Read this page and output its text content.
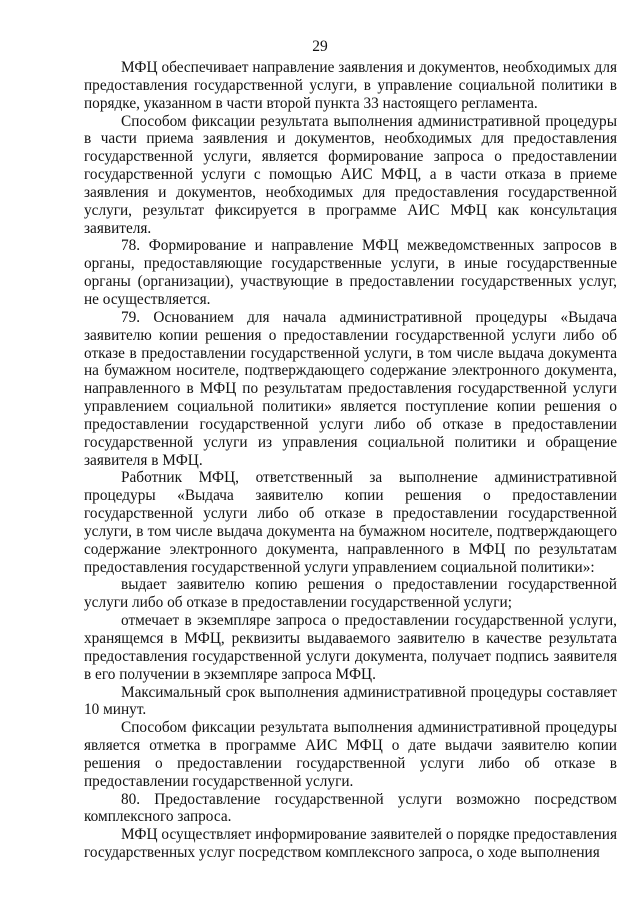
29

МФЦ обеспечивает направление заявления и документов, необходимых для предоставления государственной услуги, в управление социальной политики в порядке, указанном в части второй пункта 33 настоящего регламента.

Способом фиксации результата выполнения административной процедуры в части приема заявления и документов, необходимых для предоставления государственной услуги, является формирование запроса о предоставлении государственной услуги с помощью АИС МФЦ, а в части отказа в приеме заявления и документов, необходимых для предоставления государственной услуги, результат фиксируется в программе АИС МФЦ как консультация заявителя.

78. Формирование и направление МФЦ межведомственных запросов в органы, предоставляющие государственные услуги, в иные государственные органы (организации), участвующие в предоставлении государственных услуг, не осуществляется.

79. Основанием для начала административной процедуры «Выдача заявителю копии решения о предоставлении государственной услуги либо об отказе в предоставлении государственной услуги, в том числе выдача документа на бумажном носителе, подтверждающего содержание электронного документа, направленного в МФЦ по результатам предоставления государственной услуги управлением социальной политики» является поступление копии решения о предоставлении государственной услуги либо об отказе в предоставлении государственной услуги из управления социальной политики и обращение заявителя в МФЦ.

Работник МФЦ, ответственный за выполнение административной процедуры «Выдача заявителю копии решения о предоставлении государственной услуги либо об отказе в предоставлении государственной услуги, в том числе выдача документа на бумажном носителе, подтверждающего содержание электронного документа, направленного в МФЦ по результатам предоставления государственной услуги управлением социальной политики»:

выдает заявителю копию решения о предоставлении государственной услуги либо об отказе в предоставлении государственной услуги;

отмечает в экземпляре запроса о предоставлении государственной услуги, хранящемся в МФЦ, реквизиты выдаваемого заявителю в качестве результата предоставления государственной услуги документа, получает подпись заявителя в его получении в экземпляре запроса МФЦ.

Максимальный срок выполнения административной процедуры составляет 10 минут.

Способом фиксации результата выполнения административной процедуры является отметка в программе АИС МФЦ о дате выдачи заявителю копии решения о предоставлении государственной услуги либо об отказе в предоставлении государственной услуги.

80. Предоставление государственной услуги возможно посредством комплексного запроса.

МФЦ осуществляет информирование заявителей о порядке предоставления государственных услуг посредством комплексного запроса, о ходе выполнения
